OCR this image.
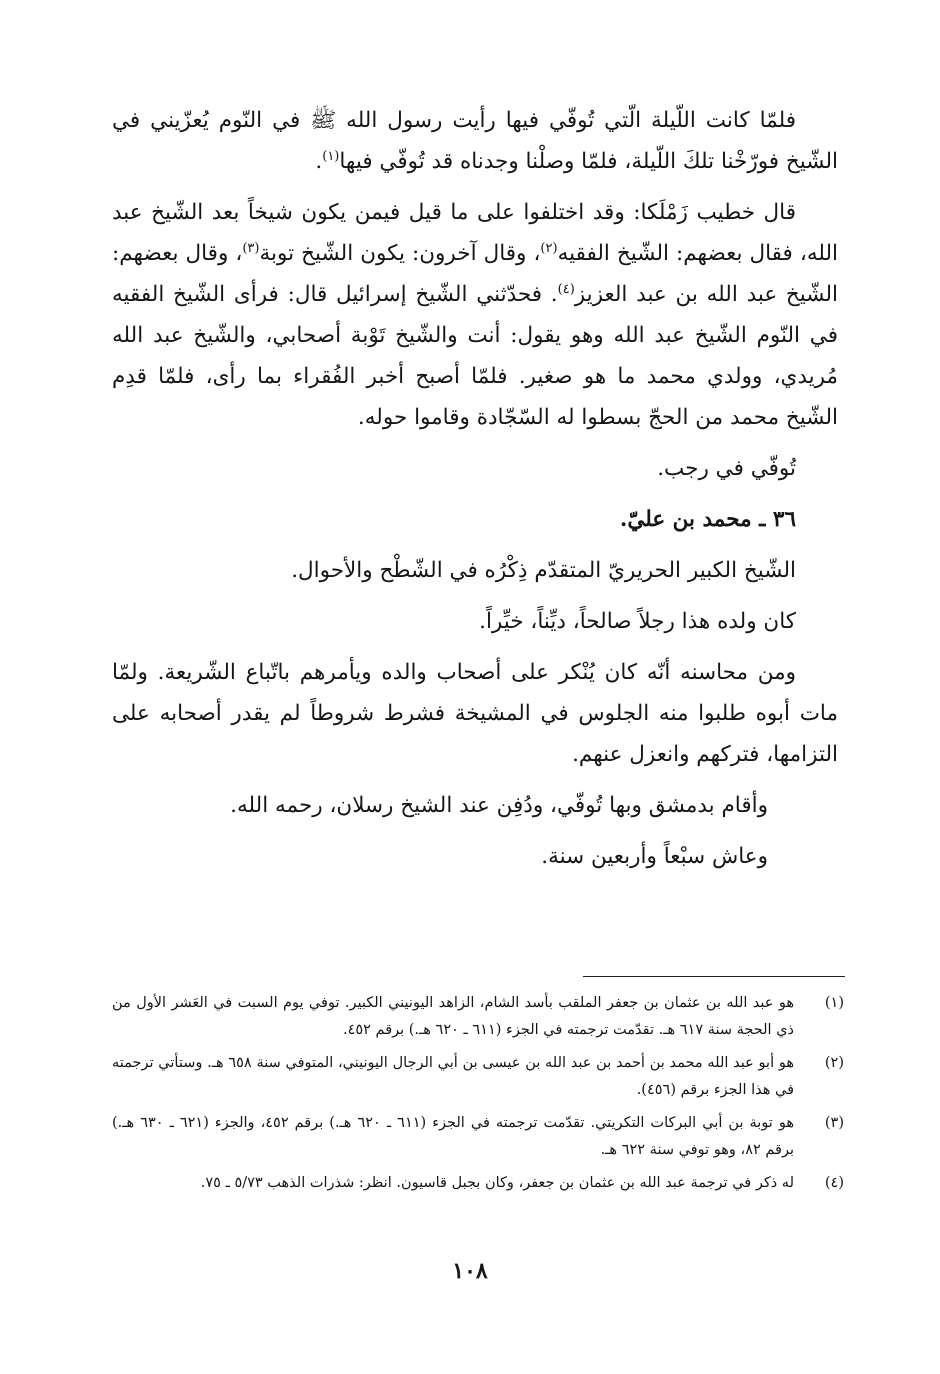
فلمّا كانت اللّيلة الّتي تُوفّي فيها رأيت رسول الله ﷺ في النّوم يُعزّيني في الشّيخ فورّخْنا تلكَ اللّيلة، فلمّا وصلْنا وجدناه قد تُوفّي فيها$^{(١)}$.

قال خطيب زَمْلَكا: وقد اختلفوا على ما قيل فيمن يكون شيخاً بعد الشّيخ عبد الله، فقال بعضهم: الشّيخ الفقيه$^{(٢)}$، وقال آخرون: يكون الشّيخ توبة$^{(٣)}$، وقال بعضهم: الشّيخ عبد الله بن عبد العزيز$^{(٤)}$. فحدّثني الشّيخ إسرائيل قال: فرأى الشّيخ الفقيه في النّوم الشّيخ عبد الله وهو يقول: أنت والشّيخ تَوْبة أصحابي، والشّيخ عبد الله مُريدي، وولدي محمد ما هو صغير. فلمّا أصبح أخبر الفُقراء بما رأى، فلمّا قدِم الشّيخ محمد من الحجّ بسطوا له السّجّادة وقاموا حوله.

تُوفّي في رجب.

٣٦ ـ محمد بن عليّ.

الشّيخ الكبير الحريريّ المتقدّم ذِكْرُه في الشّطْح والأحوال.

كان ولده هذا رجلاً صالحاً، ديِّناً، خيِّراً.

ومن محاسنه أنّه كان يُنْكر على أصحاب والده ويأمرهم باتّباع الشّريعة. ولمّا مات أبوه طلبوا منه الجلوس في المشيخة فشرط شروطاً لم يقدر أصحابه على التزامها، فتركهم وانعزل عنهم.

وأقام بدمشق وبها تُوفّي، ودُفِن عند الشيخ رسلان، رحمه الله.

وعاش سبْعاً وأربعين سنة.

(١)
هو عبد الله بن عثمان بن جعفر الملقب بأسد الشام، الزاهد اليونيني الكبير. توفي يوم السبت في العَشر الأول من ذي الحجة سنة ٦١٧ هـ. تقدّمت ترجمته في الجزء (٦١١ ـ ٦٢٠ هـ.) برقم ٤٥٢.
(٢)
هو أبو عبد الله محمد بن أحمد بن عبد الله بن عيسى بن أبي الرجال اليونيني، المتوفي سنة ٦٥٨ هـ. وستأتي ترجمته في هذا الجزء برقم (٤٥٦).
(٣)
هو توبة بن أبي البركات التكريتي. تقدّمت ترجمته في الجزء (٦١١ ـ ٦٢٠ هـ.) برقم ٤٥٢، والجزء (٦٢١ ـ ٦٣٠ هـ.) برقم ٨٢، وهو توفي سنة ٦٢٢ هـ.
(٤)
له ذكر في ترجمة عبد الله بن عثمان بن جعفر، وكان بجبل قاسيون. انظر: شذرات الذهب ٥/٧٣ ـ ٧٥.
١٠٨
